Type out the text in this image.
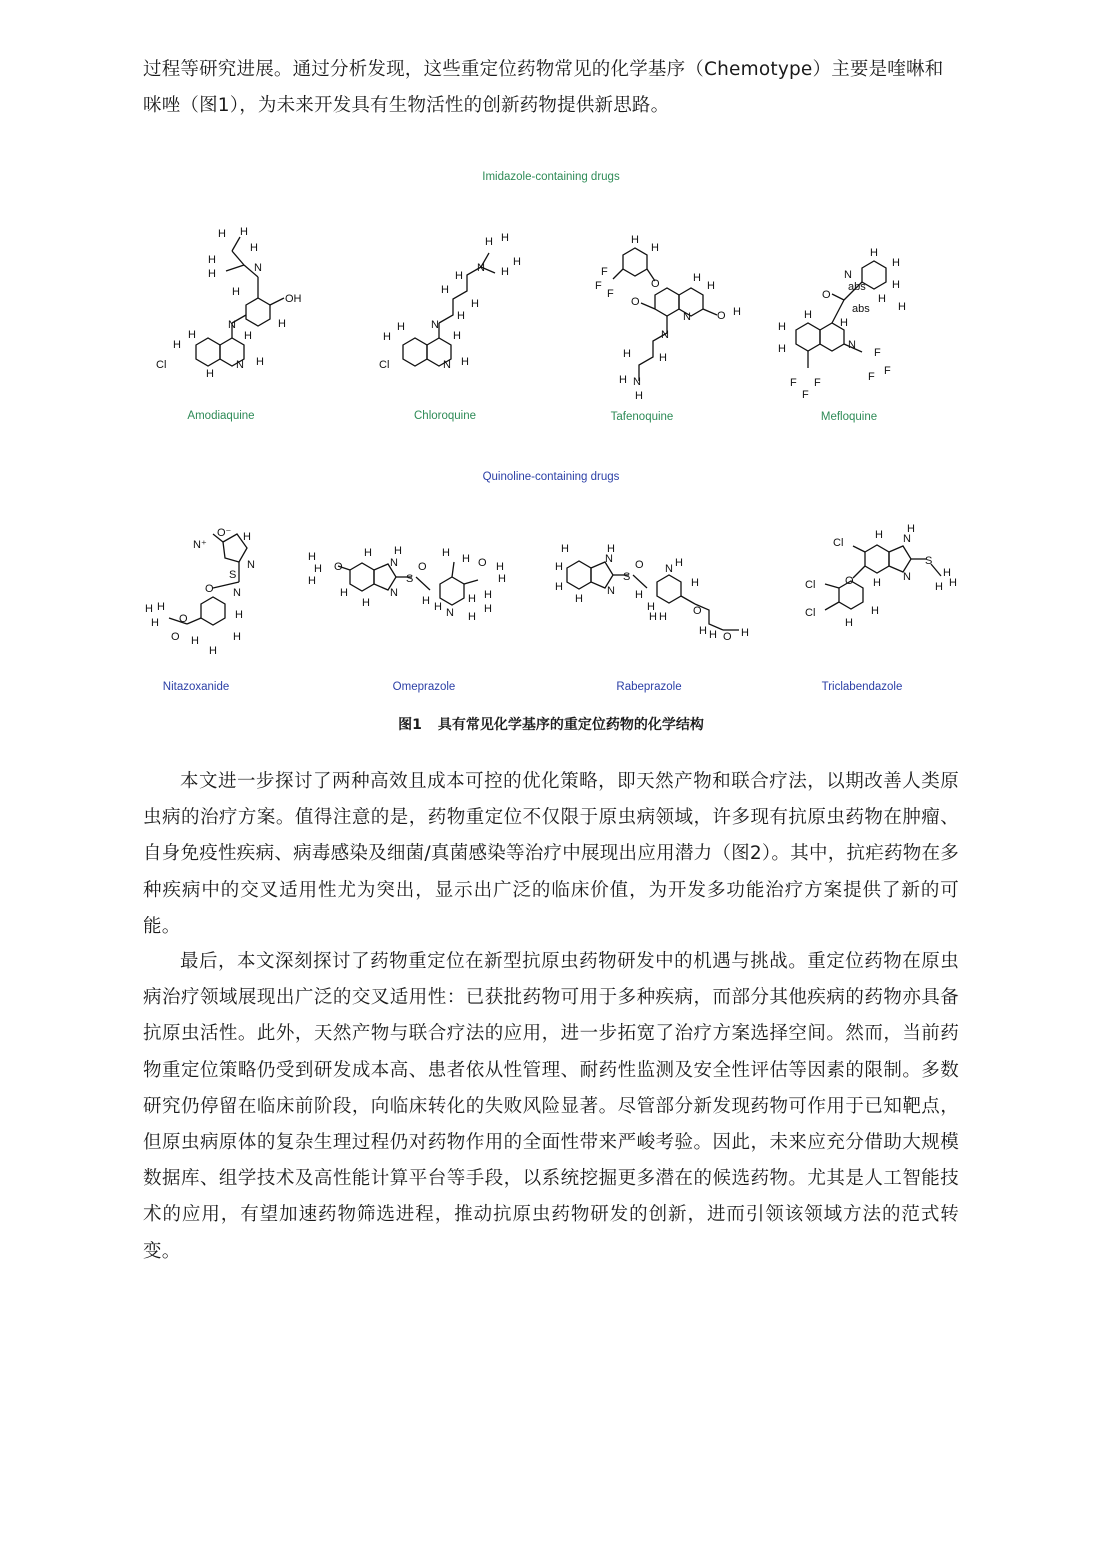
过程等研究进展。通过分析发现，这些重定位药物常见的化学基序（Chemotype）主要是喹啉和
咪唑（图1），为未来开发具有生物活性的创新药物提供新思路。

Imidazole-containing drugs
Cl	N
N
N
OH
H
H
H
H
H
H
H
H H
H
H
H
Amodiaquine
Cl	N
N
N
H
H
H
H
H
H
H
H
H H
H
H
Chloroquine
O
O
N
N
O
N
F
F
F
H
H
H
H
H
H	H
H
H
Tafenoquine
O
abs
abs
N
N
F F
F
F
F
F
H
H
H
H
H
H
H
H
H
Mefloquine
Quinoline-containing drugs
O⁻
N⁺
N
S
N
O
O
O
H H
H
H
H
H	H
H
Nitazoxanide
O	N
N
S
O
N
O
H
H
H
H H
H
H	H H
H H
H
H
H H
H
H
Omeprazole
N
N
S
O N
O
O
H
H
H
H
H
H
H
H
H
H H
H H H
Rabeprazole
Cl	N
N
S
O
Cl
Cl
H H
H
H
H
H
H
H
Triclabendazole
图1 具有常见化学基序的重定位药物的化学结构

本文进一步探讨了两种高效且成本可控的优化策略，即天然产物和联合疗法，以期改善人类原虫病的治疗方案。值得注意的是，药物重定位不仅限于原虫病领域，许多现有抗原虫药物在肿瘤、自身免疫性疾病、病毒感染及细菌/真菌感染等治疗中展现出应用潜力（图2）。其中，抗疟药物在多种疾病中的交叉适用性尤为突出，显示出广泛的临床价值，为开发多功能治疗方案提供了新的可能。

最后，本文深刻探讨了药物重定位在新型抗原虫药物研发中的机遇与挑战。重定位药物在原虫病治疗领域展现出广泛的交叉适用性：已获批药物可用于多种疾病，而部分其他疾病的药物亦具备抗原虫活性。此外，天然产物与联合疗法的应用，进一步拓宽了治疗方案选择空间。然而，当前药物重定位策略仍受到研发成本高、患者依从性管理、耐药性监测及安全性评估等因素的限制。多数研究仍停留在临床前阶段，向临床转化的失败风险显著。尽管部分新发现药物可作用于已知靶点，但原虫病原体的复杂生理过程仍对药物作用的全面性带来严峻考验。因此，未来应充分借助大规模数据库、组学技术及高性能计算平台等手段，以系统挖掘更多潜在的候选药物。尤其是人工智能技术的应用，有望加速药物筛选进程，推动抗原虫药物研发的创新，进而引领该领域方法的范式转变。
